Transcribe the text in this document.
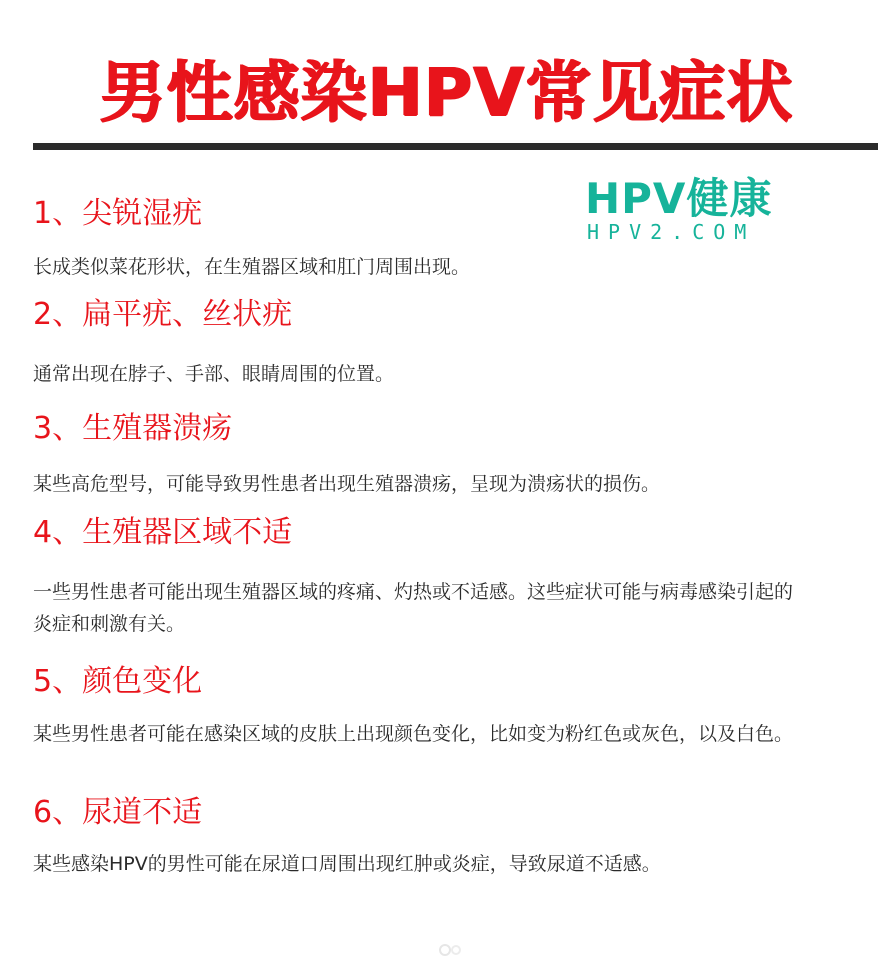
男性感染HPV常见症状
HPV健康
HPV2.COM
1、尖锐湿疣
长成类似菜花形状，在生殖器区域和肛门周围出现。
2、扁平疣、丝状疣
通常出现在脖子、手部、眼睛周围的位置。
3、生殖器溃疡
某些高危型号，可能导致男性患者出现生殖器溃疡，呈现为溃疡状的损伤。
4、生殖器区域不适
一些男性患者可能出现生殖器区域的疼痛、灼热或不适感。这些症状可能与病毒感染引起的炎症和刺激有关。
5、颜色变化
某些男性患者可能在感染区域的皮肤上出现颜色变化，比如变为粉红色或灰色，以及白色。
6、尿道不适
某些感染HPV的男性可能在尿道口周围出现红肿或炎症，导致尿道不适感。
